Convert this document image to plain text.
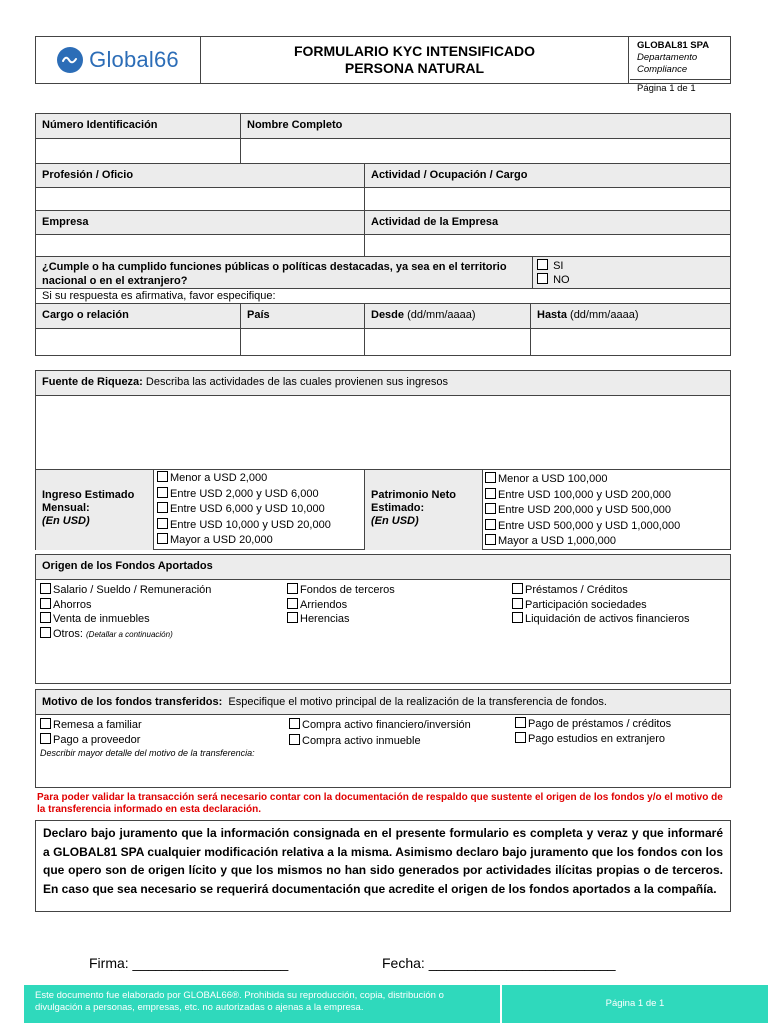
Global66	FORMULARIO KYC INTENSIFICADO
PERSONA NATURAL
GLOBAL81 SPA
Departamento Compliance
Página 1 de 1
Número Identificación	Nombre Completo
Profesión / Oficio	Actividad / Ocupación / Cargo
Empresa	Actividad de la Empresa
¿Cumple o ha cumplido funciones públicas o políticas destacadas, ya sea en el territorio nacional o en el extranjero?
SI
NO
Si su respuesta es afirmativa, favor especifique:
Cargo o relación	País	Desde (dd/mm/aaaa)	Hasta (dd/mm/aaaa)
Fuente de Riqueza: Describa las actividades de las cuales provienen sus ingresos
Ingreso Estimado
Mensual:
(En USD)
Menor a USD 2,000
Entre USD 2,000 y USD 6,000
Entre USD 6,000 y USD 10,000
Entre USD 10,000 y USD 20,000
Mayor a USD 20,000
Patrimonio Neto
Estimado:
(En USD)
Menor a USD 100,000
Entre USD 100,000 y USD 200,000
Entre USD 200,000 y USD 500,000
Entre USD 500,000 y USD 1,000,000
Mayor a USD 1,000,000
Origen de los Fondos Aportados
Salario / Sueldo / Remuneración
Ahorros
Venta de inmuebles
Otros: (Detallar a continuación)
Fondos de terceros
Arriendos
Herencias
Préstamos / Créditos
Participación sociedades
Liquidación de activos financieros
Motivo de los fondos transferidos: Especifique el motivo principal de la realización de la transferencia de fondos.
Remesa a familiar
Pago a proveedor
Describir mayor detalle del motivo de la transferencia:
Compra activo financiero/inversión
Compra activo inmueble
Pago de préstamos / créditos
Pago estudios en extranjero
Para poder validar la transacción será necesario contar con la documentación de respaldo que sustente el origen de los fondos y/o el motivo de la transferencia informado en esta declaración.
Declaro bajo juramento que la información consignada en el presente formulario es completa y veraz y que informaré a GLOBAL81 SPA cualquier modificación relativa a la misma. Asimismo declaro bajo juramento que los fondos con los que opero son de origen lícito y que los mismos no han sido generados por actividades ilícitas propias o de terceros. En caso que sea necesario se requerirá documentación que acredite el origen de los fondos aportados a la compañía.
Firma: ____________________	Fecha: ________________________
Este documento fue elaborado por GLOBAL66®. Prohibida su reproducción, copia, distribución o divulgación a personas, empresas, etc. no autorizadas o ajenas a la empresa.	Página 1 de 1
